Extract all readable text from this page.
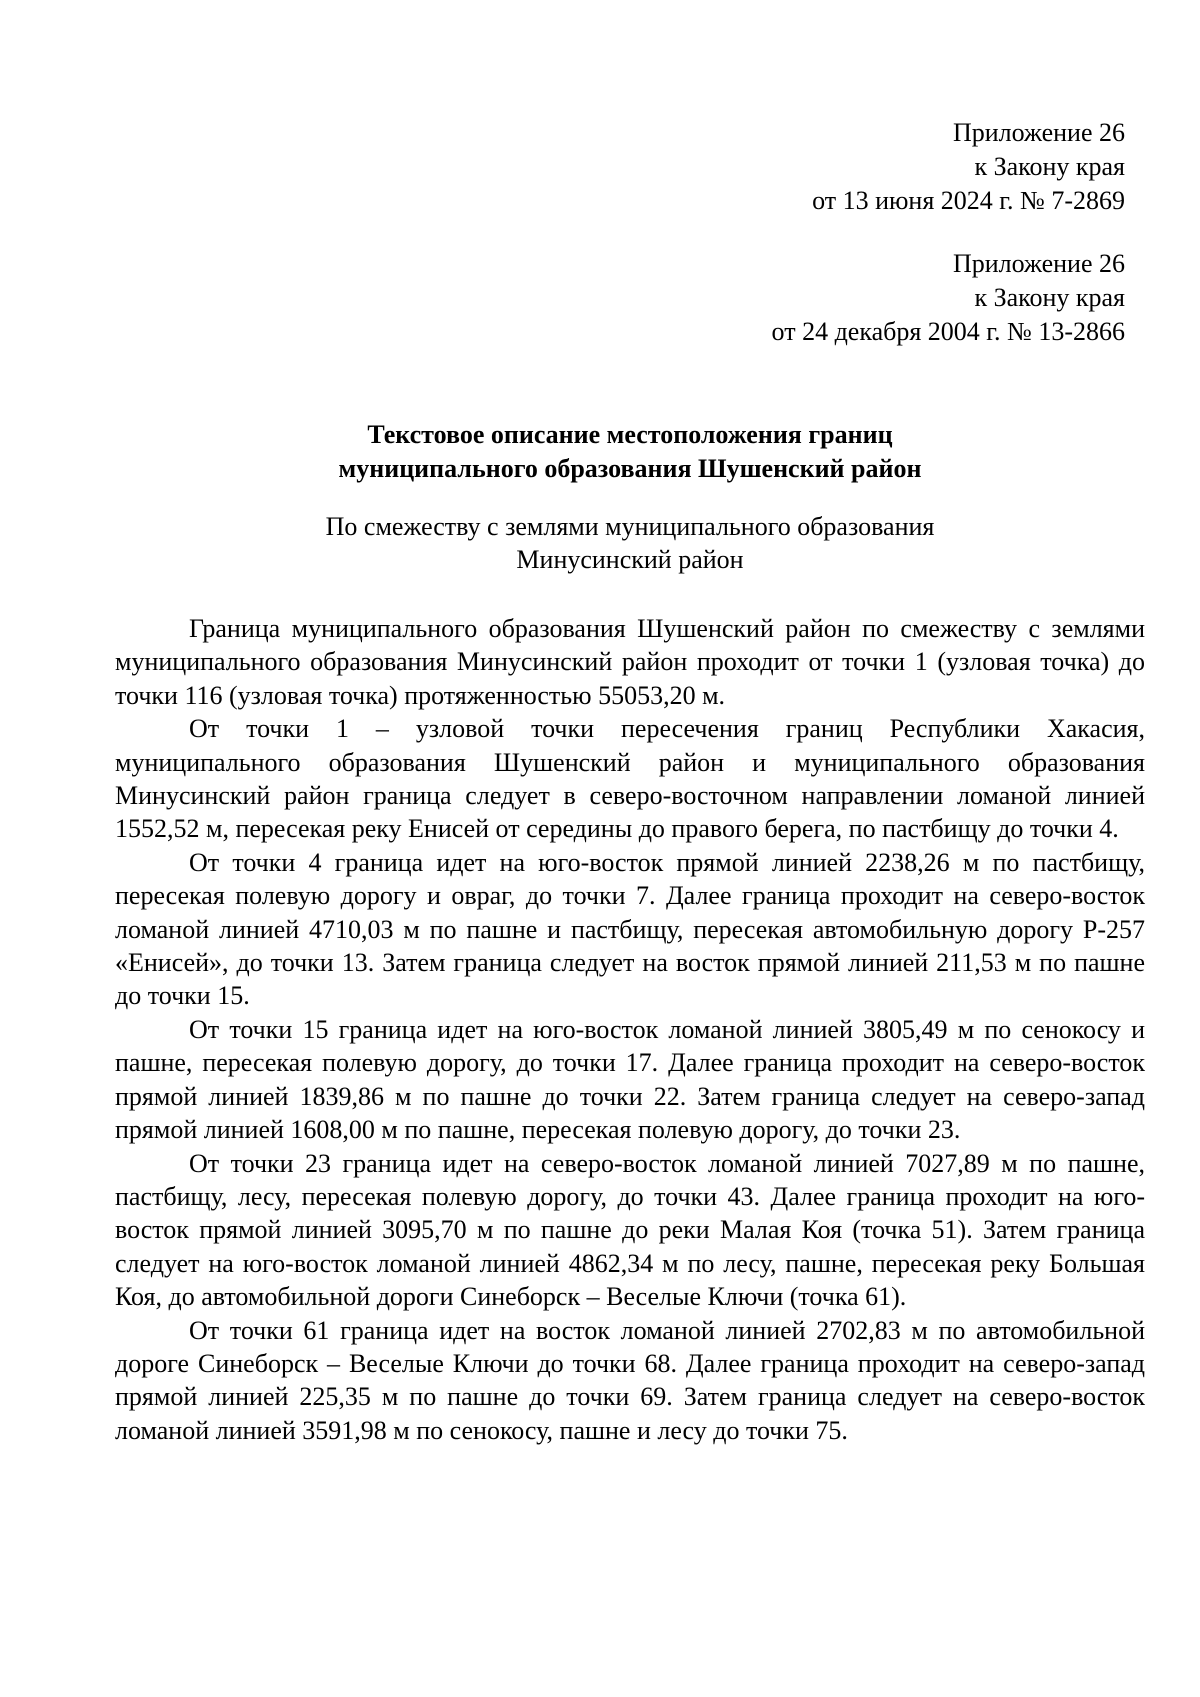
Приложение 26
к Закону края
от 13 июня 2024 г. № 7-2869
Приложение 26
к Закону края
от 24 декабря 2004 г. № 13-2866
Текстовое описание местоположения границ
муниципального образования Шушенский район
По смежеству с землями муниципального образования
Минусинский район

Граница муниципального образования Шушенский район по смежеству с землями муниципального образования Минусинский район проходит от точки 1 (узловая точка) до точки 116 (узловая точка) протяженностью 55053,20 м.

От точки 1 – узловой точки пересечения границ Республики Хакасия, муниципального образования Шушенский район и муниципального образования Минусинский район граница следует в северо-восточном направлении ломаной линией 1552,52 м, пересекая реку Енисей от середины до правого берега, по пастбищу до точки 4.

От точки 4 граница идет на юго-восток прямой линией 2238,26 м по пастбищу, пересекая полевую дорогу и овраг, до точки 7. Далее граница проходит на северо-восток ломаной линией 4710,03 м по пашне и пастбищу, пересекая автомобильную дорогу Р-257 «Енисей», до точки 13. Затем граница следует на восток прямой линией 211,53 м по пашне до точки 15.

От точки 15 граница идет на юго-восток ломаной линией 3805,49 м по сенокосу и пашне, пересекая полевую дорогу, до точки 17. Далее граница проходит на северо-восток прямой линией 1839,86 м по пашне до точки 22. Затем граница следует на северо-запад прямой линией 1608,00 м по пашне, пересекая полевую дорогу, до точки 23.

От точки 23 граница идет на северо-восток ломаной линией 7027,89 м по пашне, пастбищу, лесу, пересекая полевую дорогу, до точки 43. Далее граница проходит на юго-восток прямой линией 3095,70 м по пашне до реки Малая Коя (точка 51). Затем граница следует на юго-восток ломаной линией 4862,34 м по лесу, пашне, пересекая реку Большая Коя, до автомобильной дороги Синеборск – Веселые Ключи (точка 61).

От точки 61 граница идет на восток ломаной линией 2702,83 м по автомобильной дороге Синеборск – Веселые Ключи до точки 68. Далее граница проходит на северо-запад прямой линией 225,35 м по пашне до точки 69. Затем граница следует на северо-восток ломаной линией 3591,98 м по сенокосу, пашне и лесу до точки 75.
